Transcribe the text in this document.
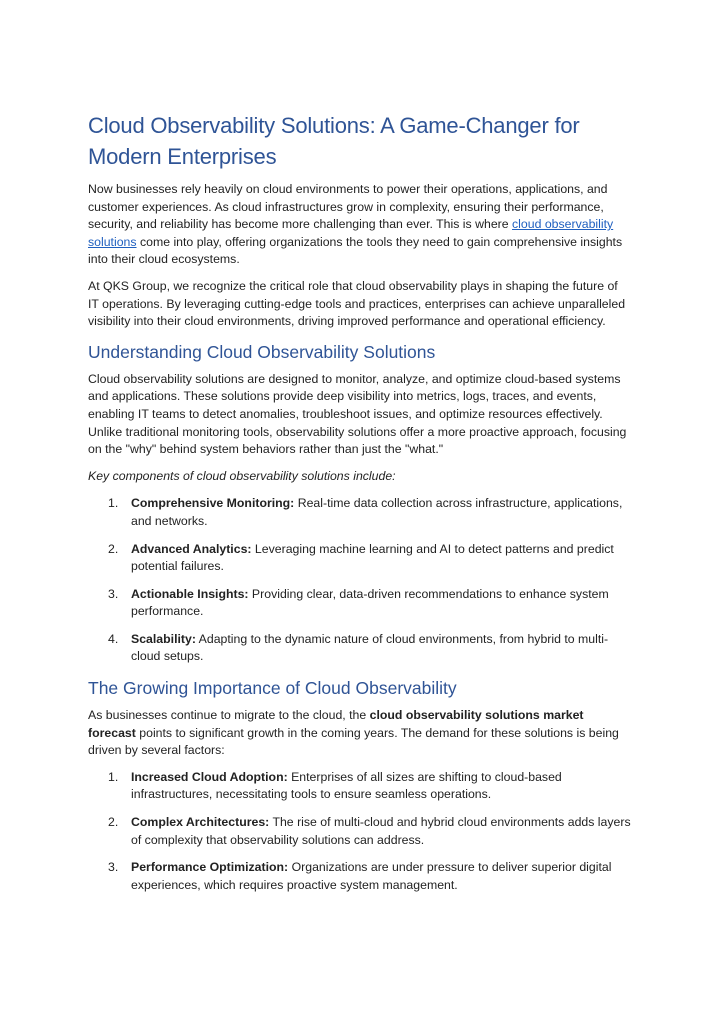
Cloud Observability Solutions: A Game-Changer for Modern Enterprises

Now businesses rely heavily on cloud environments to power their operations, applications, and customer experiences. As cloud infrastructures grow in complexity, ensuring their performance, security, and reliability has become more challenging than ever. This is where cloud observability solutions come into play, offering organizations the tools they need to gain comprehensive insights into their cloud ecosystems.

At QKS Group, we recognize the critical role that cloud observability plays in shaping the future of IT operations. By leveraging cutting-edge tools and practices, enterprises can achieve unparalleled visibility into their cloud environments, driving improved performance and operational efficiency.

Understanding Cloud Observability Solutions

Cloud observability solutions are designed to monitor, analyze, and optimize cloud-based systems and applications. These solutions provide deep visibility into metrics, logs, traces, and events, enabling IT teams to detect anomalies, troubleshoot issues, and optimize resources effectively. Unlike traditional monitoring tools, observability solutions offer a more proactive approach, focusing on the "why" behind system behaviors rather than just the "what."

Key components of cloud observability solutions include:

1. Comprehensive Monitoring: Real-time data collection across infrastructure, applications, and networks.
2. Advanced Analytics: Leveraging machine learning and AI to detect patterns and predict potential failures.
3. Actionable Insights: Providing clear, data-driven recommendations to enhance system performance.
4. Scalability: Adapting to the dynamic nature of cloud environments, from hybrid to multi-cloud setups.
The Growing Importance of Cloud Observability

As businesses continue to migrate to the cloud, the cloud observability solutions market forecast points to significant growth in the coming years. The demand for these solutions is being driven by several factors:

1. Increased Cloud Adoption: Enterprises of all sizes are shifting to cloud-based infrastructures, necessitating tools to ensure seamless operations.
2. Complex Architectures: The rise of multi-cloud and hybrid cloud environments adds layers of complexity that observability solutions can address.
3. Performance Optimization: Organizations are under pressure to deliver superior digital experiences, which requires proactive system management.
